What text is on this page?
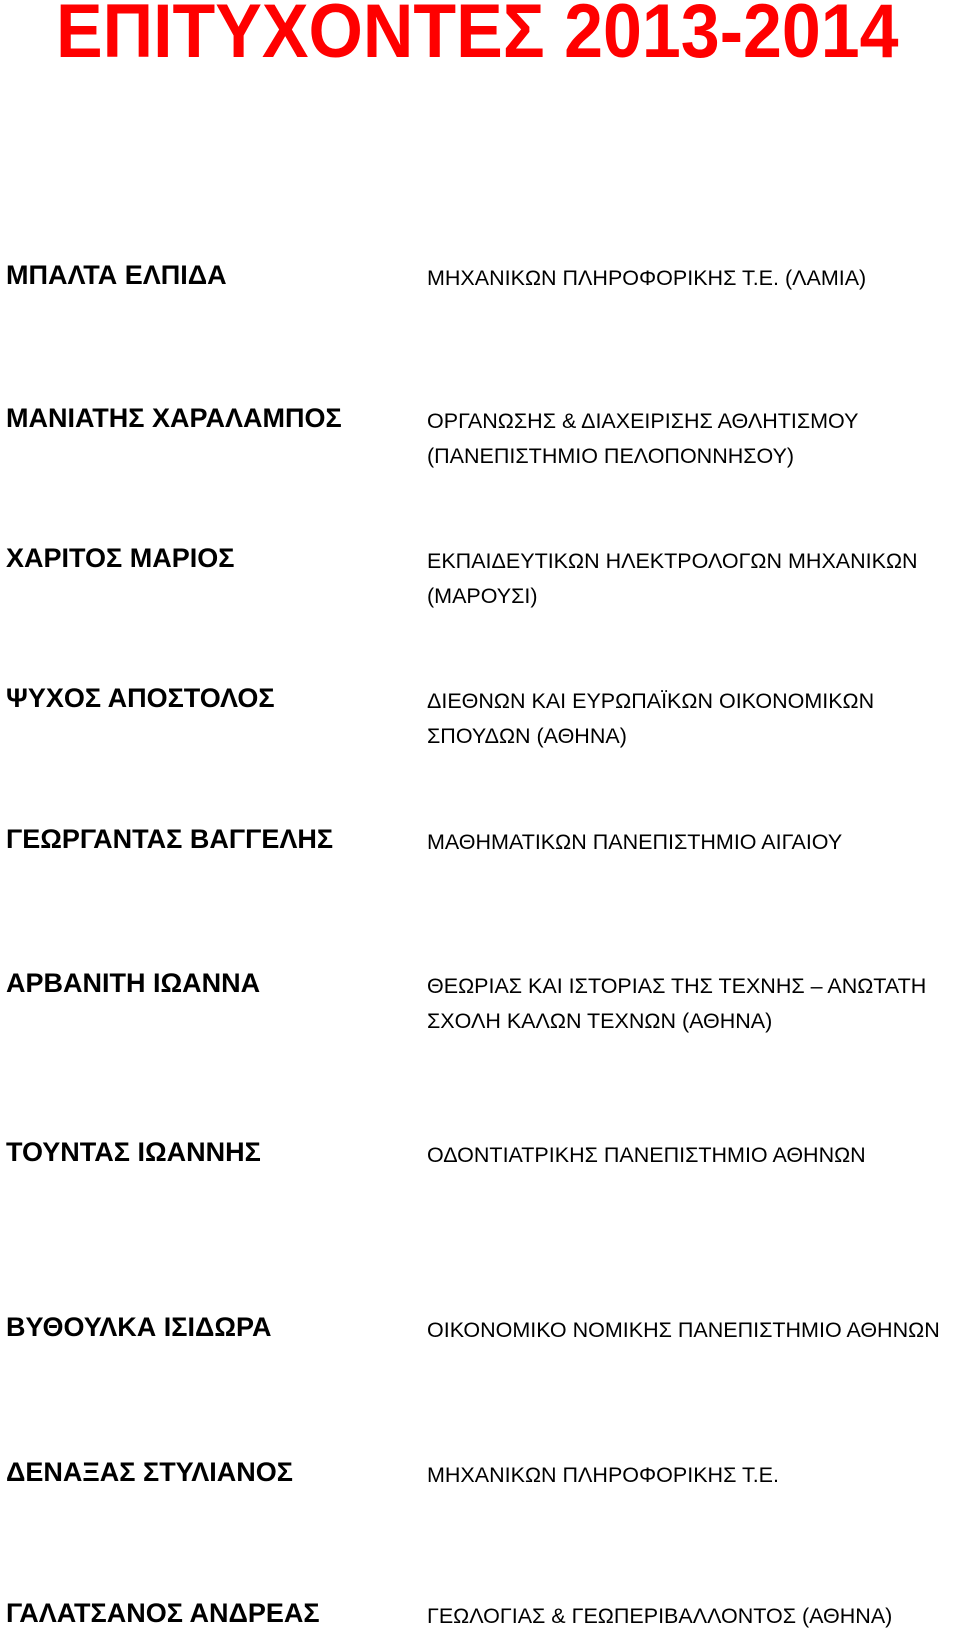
ΕΠΙΤΥΧΟΝΤΕΣ 2013-2014
ΜΠΑΛΤΑ ΕΛΠΙΔΑ	ΜΗΧΑΝΙΚΩΝ ΠΛΗΡΟΦΟΡΙΚΗΣ Τ.Ε. (ΛΑΜΙΑ)
ΜΑΝΙΑΤΗΣ ΧΑΡΑΛΑΜΠΟΣ	ΟΡΓΑΝΩΣΗΣ & ΔΙΑΧΕΙΡΙΣΗΣ ΑΘΛΗΤΙΣΜΟΥ
(ΠΑΝΕΠΙΣΤΗΜΙΟ ΠΕΛΟΠΟΝΝΗΣΟΥ)
ΧΑΡΙΤΟΣ ΜΑΡΙΟΣ	ΕΚΠΑΙΔΕΥΤΙΚΩΝ ΗΛΕΚΤΡΟΛΟΓΩΝ ΜΗΧΑΝΙΚΩΝ
(ΜΑΡΟΥΣΙ)
ΨΥΧΟΣ ΑΠΟΣΤΟΛΟΣ	ΔΙΕΘΝΩΝ ΚΑΙ ΕΥΡΩΠΑΪΚΩΝ ΟΙΚΟΝΟΜΙΚΩΝ
ΣΠΟΥΔΩΝ (ΑΘΗΝΑ)
ΓΕΩΡΓΑΝΤΑΣ ΒΑΓΓΕΛΗΣ	ΜΑΘΗΜΑΤΙΚΩΝ ΠΑΝΕΠΙΣΤΗΜΙΟ ΑΙΓΑΙΟΥ
ΑΡΒΑΝΙΤΗ ΙΩΑΝΝΑ	ΘΕΩΡΙΑΣ ΚΑΙ ΙΣΤΟΡΙΑΣ ΤΗΣ ΤΕΧΝΗΣ – ΑΝΩΤΑΤΗ
ΣΧΟΛΗ ΚΑΛΩΝ ΤΕΧΝΩΝ (ΑΘΗΝΑ)
ΤΟΥΝΤΑΣ ΙΩΑΝΝΗΣ	ΟΔΟΝΤΙΑΤΡΙΚΗΣ ΠΑΝΕΠΙΣΤΗΜΙΟ ΑΘΗΝΩΝ
ΒΥΘΟΥΛΚΑ ΙΣΙΔΩΡΑ	ΟΙΚΟΝΟΜΙΚΟ ΝΟΜΙΚΗΣ ΠΑΝΕΠΙΣΤΗΜΙΟ ΑΘΗΝΩΝ
ΔΕΝΑΞΑΣ ΣΤΥΛΙΑΝΟΣ	ΜΗΧΑΝΙΚΩΝ ΠΛΗΡΟΦΟΡΙΚΗΣ Τ.Ε.
ΓΑΛΑΤΣΑΝΟΣ ΑΝΔΡΕΑΣ	ΓΕΩΛΟΓΙΑΣ & ΓΕΩΠΕΡΙΒΑΛΛΟΝΤΟΣ (ΑΘΗΝΑ)
